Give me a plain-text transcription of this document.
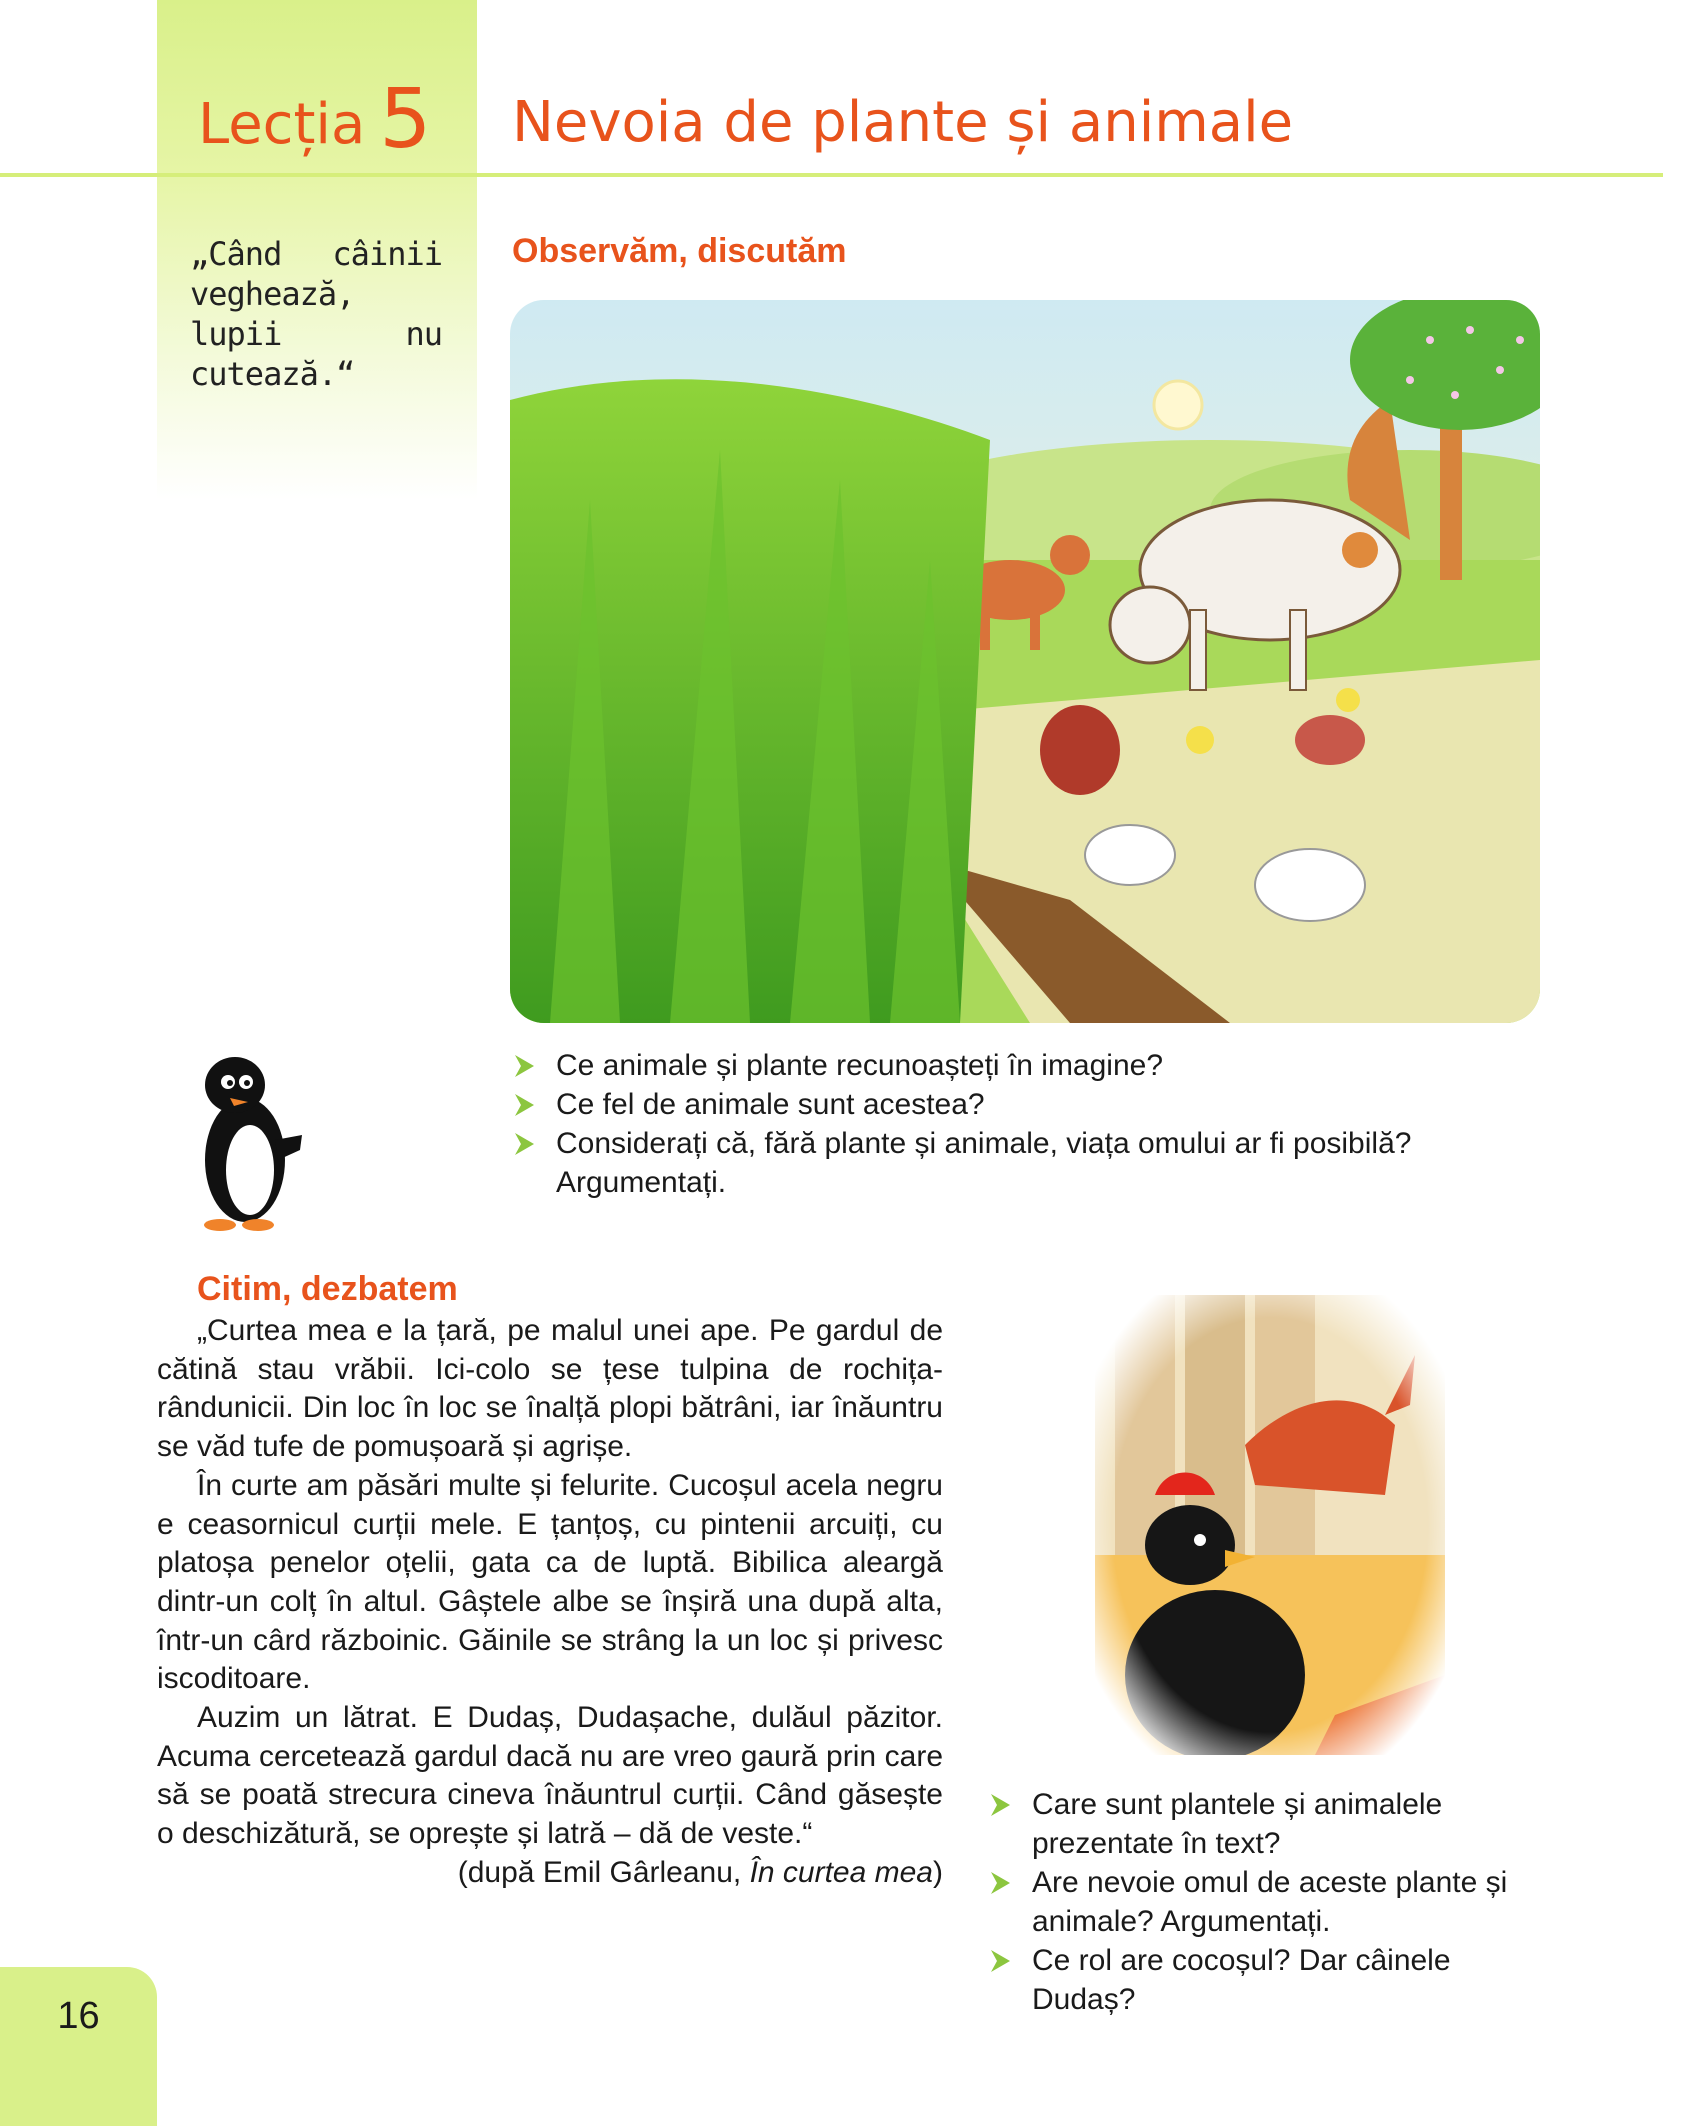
Lecția 5 Nevoia de plante și animale
„Când câinii veghează, lupii nu cutează.“
Observăm, discutăm
Ce animale și plante recunoașteți în imagine?
Ce fel de animale sunt acestea?
Considerați că, fără plante și animale, viața omului ar fi posibilă? Argumentați.
Citim, dezbatem

„Curtea mea e la țară, pe malul unei ape. Pe gardul de cătină stau vrăbii. Ici-colo se țese tulpina de rochița-rândunicii. Din loc în loc se înalță plopi bătrâni, iar înăuntru se văd tufe de pomușoară și agrișe.

În curte am păsări multe și felurite. Cucoșul acela negru e ceasornicul curții mele. E țanțoș, cu pintenii arcuiți, cu platoșa penelor oțelii, gata ca de luptă. Bibilica aleargă dintr-un colț în altul. Gâștele albe se înșiră una după alta, într-un cârd războinic. Găinile se strâng la un loc și privesc iscoditoare.

Auzim un lătrat. E Dudaș, Dudașache, dulăul păzitor. Acuma cercetează gardul dacă nu are vreo gaură prin care să se poată strecura cineva înăuntrul curții. Când găsește o deschizătură, se oprește și latră – dă de veste.“

(după Emil Gârleanu, În curtea mea)

Care sunt plantele și animalele prezentate în text?
Are nevoie omul de aceste plante și animale? Argumentați.
Ce rol are cocoșul? Dar câinele Dudaș?
16
